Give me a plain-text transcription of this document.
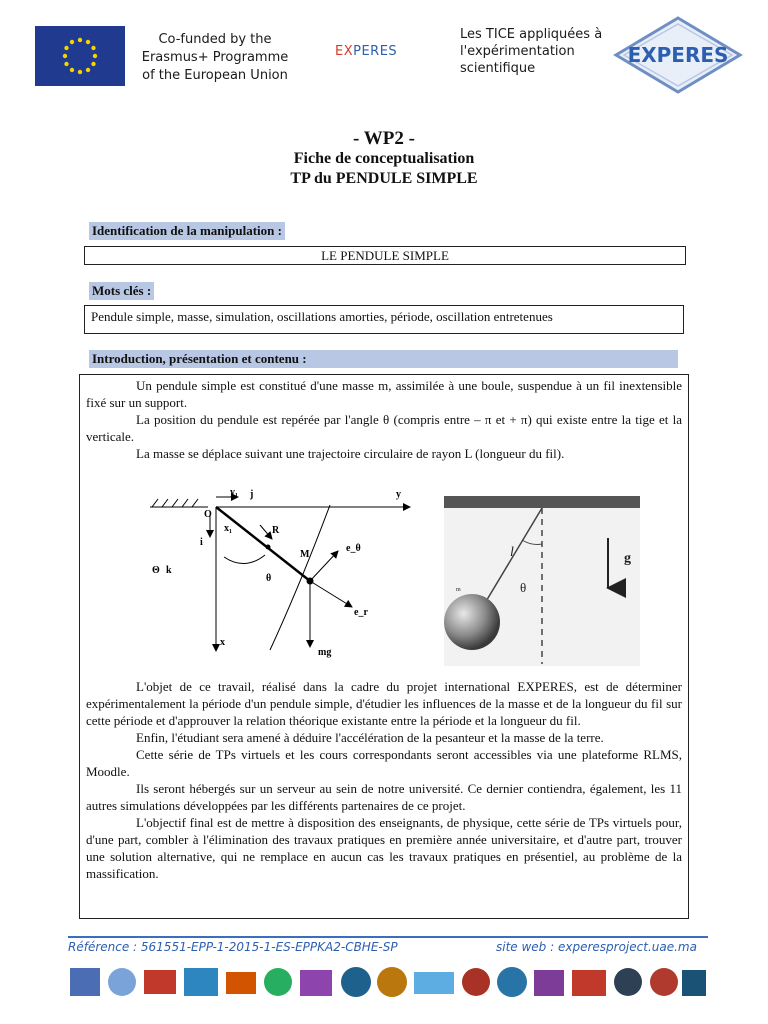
Co-funded by the
Erasmus+ Programme
of the European Union
EXPERES
Les TICE appliquées à
l'expérimentation
scientifique
EXPERES
- WP2 -
Fiche de conceptualisation
TP du PENDULE SIMPLE
Identification de la manipulation :
LE PENDULE SIMPLE
Mots clés :
Pendule simple, masse, simulation, oscillations amorties, période, oscillation entretenues
Introduction, présentation et contenu :

Un pendule simple est constitué d'une masse m, assimilée à une boule, suspendue à un fil inextensible fixé sur un support.

La position du pendule est repérée par l'angle θ (compris entre – π et + π) qui existe entre la tige et la verticale.

La masse se déplace suivant une trajectoire circulaire de rayon L (longueur du fil).

y₁ j	y
O
x₁	R
i
M
e_θ
Θ k
θ
e_r
x
mg
l	g
θ
m

L'objet de ce travail, réalisé dans la cadre du projet international EXPERES, est de déterminer expérimentalement la période d'un pendule simple, d'étudier les influences de la masse et de la longueur du fil sur cette période et d'approuver la relation théorique existante entre la période et la longueur du fil.

Enfin, l'étudiant sera amené à déduire l'accélération de la pesanteur et la masse de la terre.

Cette série de TPs virtuels et les cours correspondants seront accessibles via une plateforme RLMS, Moodle.

Ils seront hébergés sur un serveur au sein de notre université. Ce dernier contiendra, également, les 11 autres simulations développées par les différents partenaires de ce projet.

L'objectif final est de mettre à disposition des enseignants, de physique, cette série de TPs virtuels pour, d'une part, combler à l'élimination des travaux pratiques en première année universitaire, et d'autre part, trouver une solution alternative, qui ne remplace en aucun cas les travaux pratiques en présentiel, au problème de la massification.

Référence : 561551-EPP-1-2015-1-ES-EPPKA2-CBHE-SP	site web : experesproject.uae.ma
